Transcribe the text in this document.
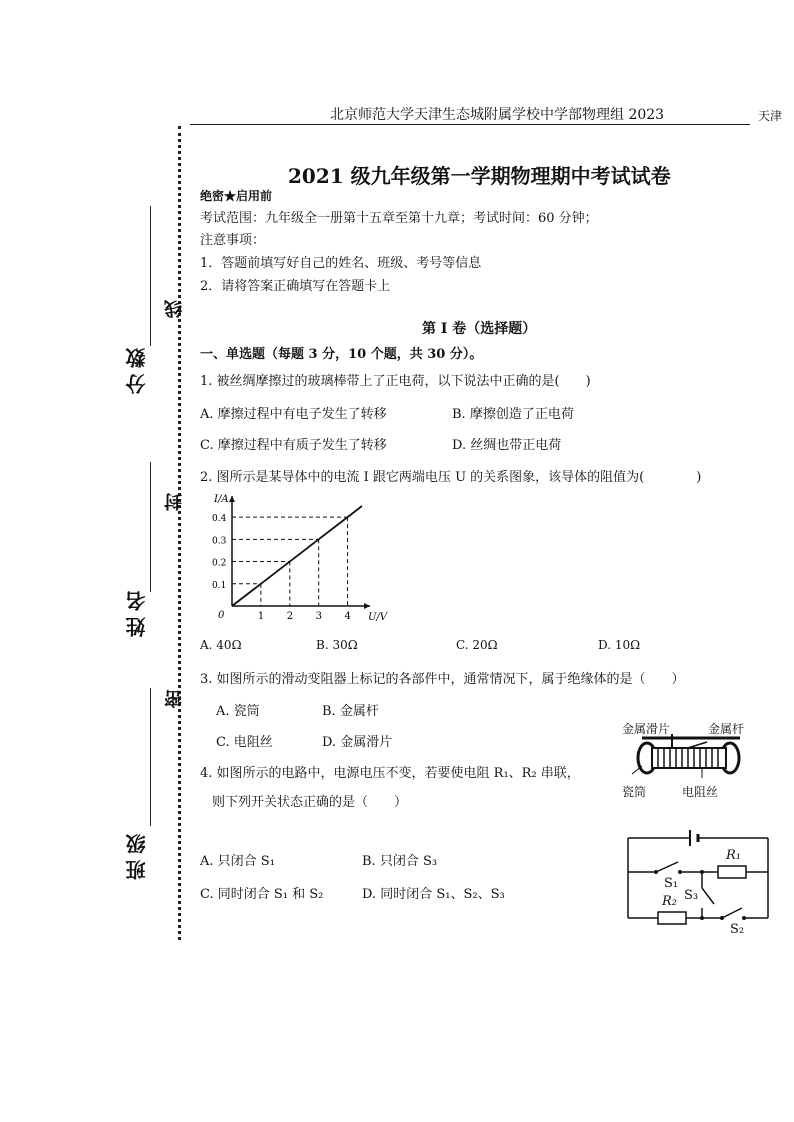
北京师范大学天津生态城附属学校中学部物理组 2023	天津
分数
姓名
班级
线
封
密
2021 级九年级第一学期物理期中考试试卷
绝密★启用前
考试范围：九年级全一册第十五章至第十九章；考试时间：60 分钟；
注意事项：
1．答题前填写好自己的姓名、班级、考号等信息
2．请将答案正确填写在答题卡上
第 I 卷（选择题）
一、单选题（每题 3 分，10 个题，共 30 分）。
1. 被丝绸摩擦过的玻璃棒带上了正电荷，以下说法中正确的是(　　)
A. 摩擦过程中有电子发生了转移	B. 摩擦创造了正电荷
C. 摩擦过程中有质子发生了转移	D. 丝绸也带正电荷
2. 图所示是某导体中的电流 I 跟它两端电压 U 的关系图象，该导体的阻值为(　　　　)
0
I/A
U/V
1 2 3 4
0.1
0.2
0.3
0.4
A. 40Ω	B. 30Ω	C. 20Ω	D. 10Ω
3. 如图所示的滑动变阻器上标记的各部件中，通常情况下，属于绝缘体的是（　　）
A. 瓷筒	B. 金属杆
C. 电阻丝	D. 金属滑片
金属滑片	金属杆
瓷筒	电阻丝
4. 如图所示的电路中，电源电压不变，若要使电阻 R₁、R₂ 串联，
则下列开关状态正确的是（　　）
A. 只闭合 S₁	B. 只闭合 S₃
C. 同时闭合 S₁ 和 S₂	D. 同时闭合 S₁、S₂、S₃
R₁
S₁
S₃
R₂
S₂
